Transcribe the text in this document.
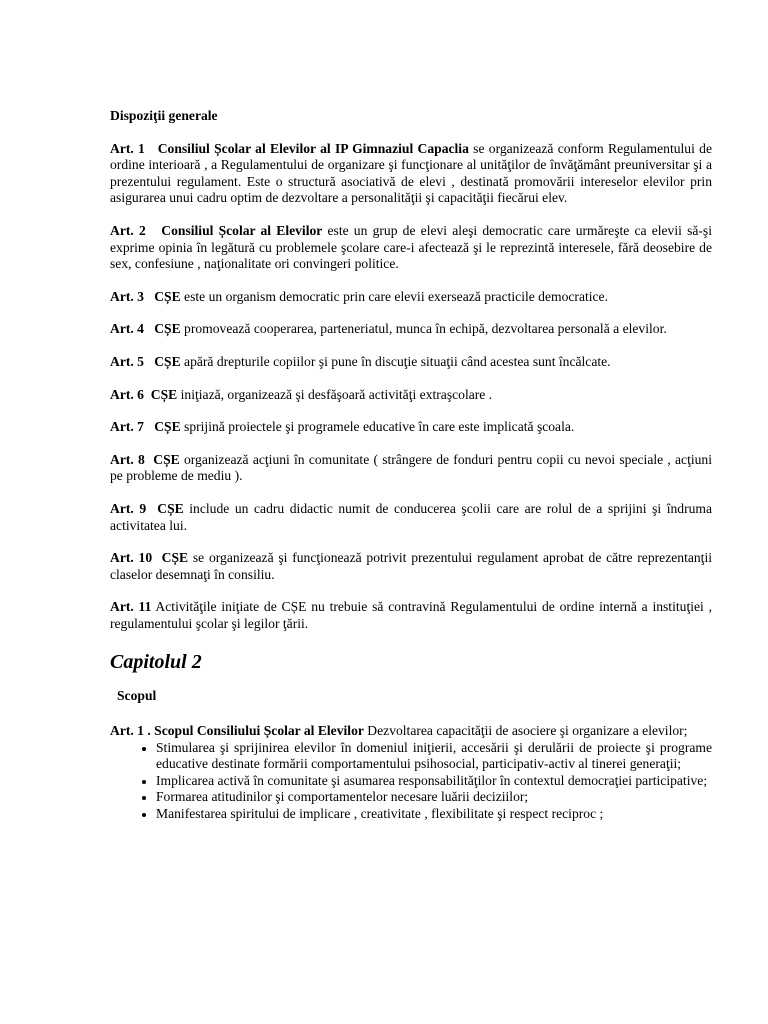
Dispoziţii generale

Art. 1 Consiliul Școlar al Elevilor al IP Gimnaziul Capaclia se organizează conform Regulamentului de ordine interioară , a Regulamentului de organizare şi funcţionare al unităţilor de învăţământ preuniversitar şi a prezentului regulament. Este o structură asociativă de elevi , destinată promovării intereselor elevilor prin asigurarea unui cadru optim de dezvoltare a personalităţii şi capacităţii fiecărui elev.

Art. 2 Consiliul Școlar al Elevilor este un grup de elevi aleşi democratic care urmăreşte ca elevii să-şi exprime opinia în legătură cu problemele şcolare care-i afectează şi le reprezintă interesele, fără deosebire de sex, confesiune , naţionalitate ori convingeri politice.

Art. 3 CȘE este un organism democratic prin care elevii exersează practicile democratice.

Art. 4 CȘE promovează cooperarea, parteneriatul, munca în echipă, dezvoltarea personală a elevilor.

Art. 5 CȘE apără drepturile copiilor şi pune în discuţie situaţii când acestea sunt încălcate.

Art. 6 CȘE iniţiază, organizează şi desfăşoară activităţi extraşcolare .

Art. 7 CȘE sprijină proiectele şi programele educative în care este implicată şcoala.

Art. 8 CȘE organizează acţiuni în comunitate ( strângere de fonduri pentru copii cu nevoi speciale , acţiuni pe probleme de mediu ).

Art. 9 CȘE include un cadru didactic numit de conducerea şcolii care are rolul de a sprijini şi îndruma activitatea lui.

Art. 10 CȘE se organizează şi funcţionează potrivit prezentului regulament aprobat de către reprezentanţii claselor desemnaţi în consiliu.

Art. 11 Activităţile iniţiate de CȘE nu trebuie să contravină Regulamentului de ordine internă a instituţiei , regulamentului şcolar şi legilor ţării.

Capitolul 2
Scopul
Art. 1 . Scopul Consiliului Școlar al Elevilor Dezvoltarea capacităţii de asociere şi organizare a elevilor;
• Stimularea şi sprijinirea elevilor în domeniul iniţierii, accesării şi derulării de proiecte şi programe educative destinate formării comportamentului psihosocial, participativ-activ al tinerei generaţii;
• Implicarea activă în comunitate şi asumarea responsabilităţilor în contextul democraţiei participative;
• Formarea atitudinilor şi comportamentelor necesare luării deciziilor;
• Manifestarea spiritului de implicare , creativitate , flexibilitate şi respect reciproc ;
